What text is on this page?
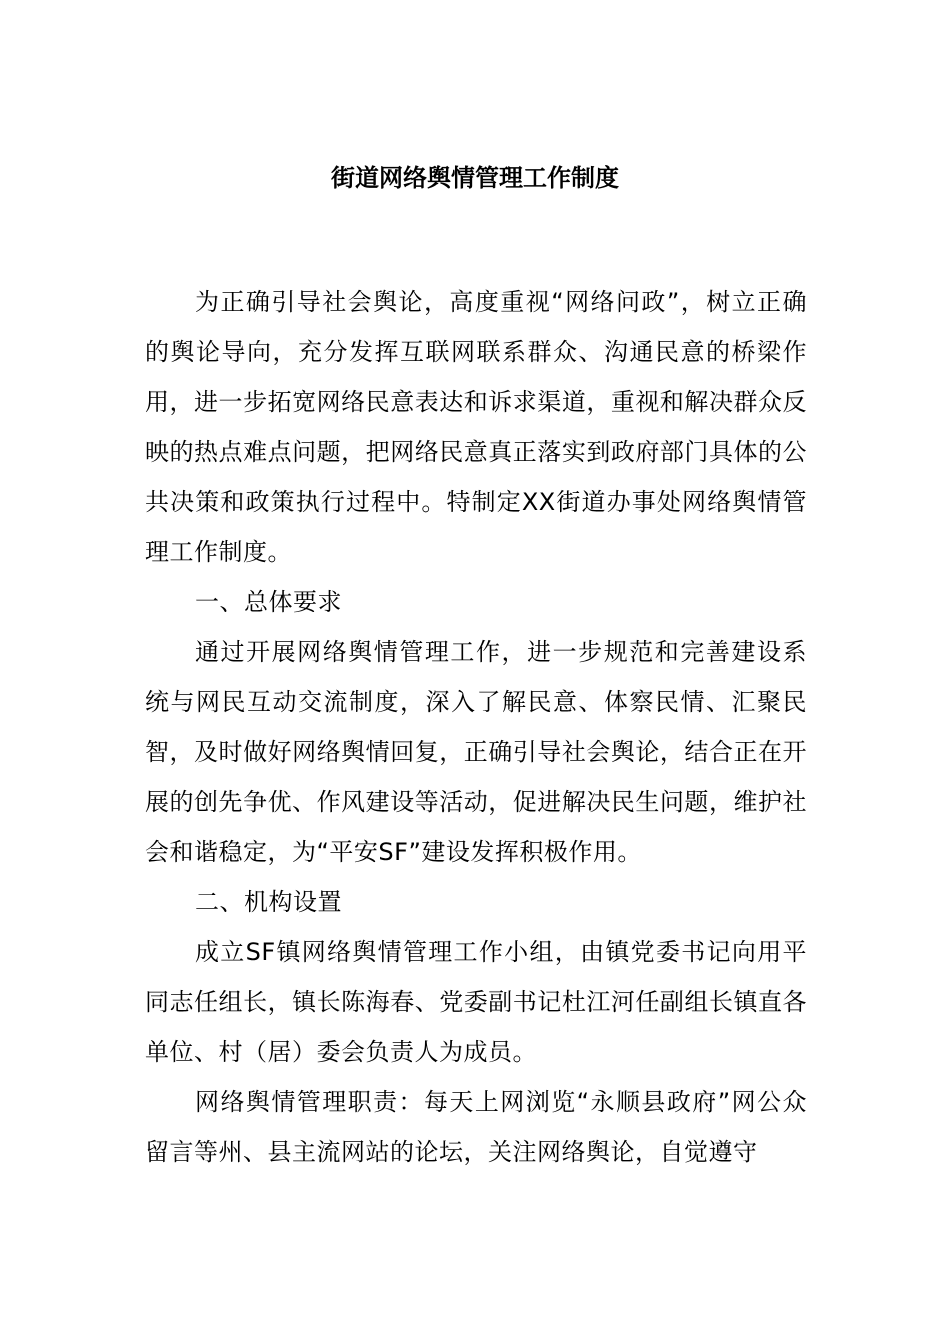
街道网络舆情管理工作制度

为正确引导社会舆论，高度重视“网络问政”，树立正确的舆论导向，充分发挥互联网联系群众、沟通民意的桥梁作用，进一步拓宽网络民意表达和诉求渠道，重视和解决群众反映的热点难点问题，把网络民意真正落实到政府部门具体的公共决策和政策执行过程中。特制定XX街道办事处网络舆情管理工作制度。

一、总体要求

通过开展网络舆情管理工作，进一步规范和完善建设系统与网民互动交流制度，深入了解民意、体察民情、汇聚民智，及时做好网络舆情回复，正确引导社会舆论，结合正在开展的创先争优、作风建设等活动，促进解决民生问题，维护社会和谐稳定，为“平安SF”建设发挥积极作用。

二、机构设置

成立SF镇网络舆情管理工作小组，由镇党委书记向用平同志任组长，镇长陈海春、党委副书记杜江河任副组长镇直各单位、村（居）委会负责人为成员。

网络舆情管理职责：每天上网浏览“永顺县政府”网公众留言等州、县主流网站的论坛，关注网络舆论，自觉遵守
